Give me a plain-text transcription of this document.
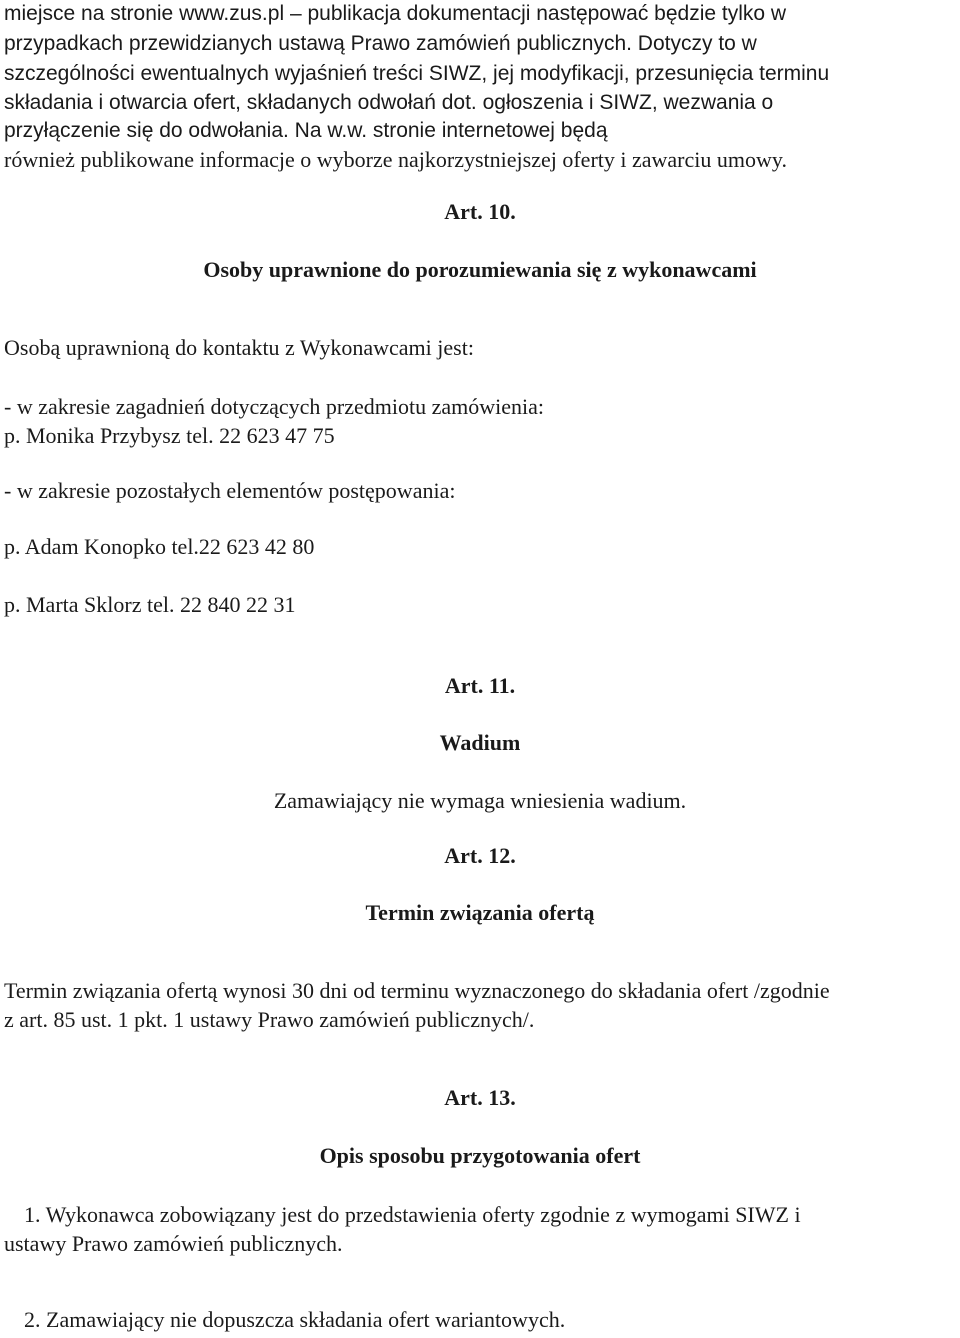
miejsce na stronie www.zus.pl – publikacja dokumentacji następować będzie tylko w
przypadkach przewidzianych ustawą Prawo zamówień publicznych. Dotyczy to w
szczególności ewentualnych wyjaśnień treści SIWZ, jej modyfikacji, przesunięcia terminu
składania i otwarcia ofert, składanych odwołań dot. ogłoszenia i SIWZ, wezwania o
przyłączenie się do odwołania. Na w.w. stronie internetowej będą
również publikowane informacje o wyborze najkorzystniejszej oferty i zawarciu umowy.
Art. 10.
Osoby uprawnione do porozumiewania się z wykonawcami
Osobą uprawnioną do kontaktu z Wykonawcami jest:
- w zakresie zagadnień dotyczących przedmiotu zamówienia:
p. Monika Przybysz tel. 22 623 47 75
- w zakresie pozostałych elementów postępowania:
p. Adam Konopko tel.22 623 42 80
p. Marta Sklorz tel. 22 840 22 31
Art. 11.
Wadium
Zamawiający nie wymaga wniesienia wadium.
Art. 12.
Termin związania ofertą
Termin związania ofertą wynosi 30 dni od terminu wyznaczonego do składania ofert /zgodnie
z art. 85 ust. 1 pkt. 1 ustawy Prawo zamówień publicznych/.
Art. 13.
Opis sposobu przygotowania ofert
1. Wykonawca zobowiązany jest do przedstawienia oferty zgodnie z wymogami SIWZ i
ustawy Prawo zamówień publicznych.
2. Zamawiający nie dopuszcza składania ofert wariantowych.
